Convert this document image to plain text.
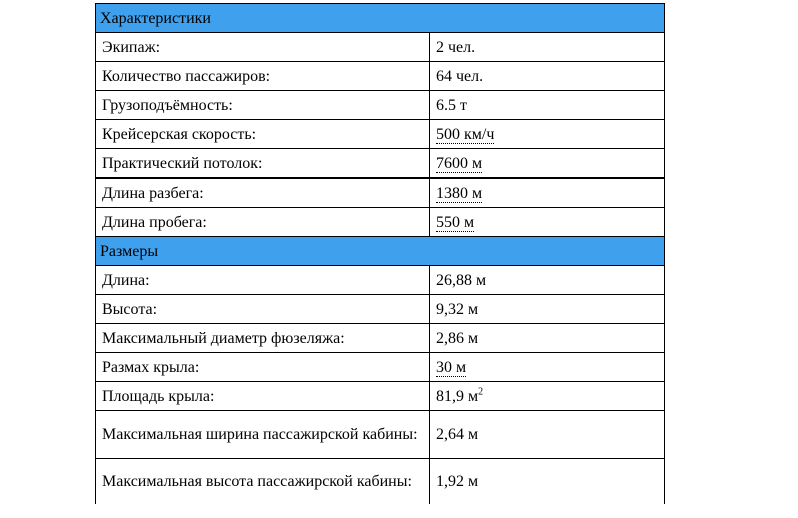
Характеристики	
Экипаж:	2 чел.
Количество пассажиров:	64 чел.
Грузоподъёмность:	6.5 т
Крейсерская скорость:	500 км/ч
Практический потолок:	7600 м
Длина разбега:	1380 м
Длина пробега:	550 м
Размеры	
Длина:	26,88 м
Высота:	9,32 м
Максимальный диаметр фюзеляжа:	2,86 м
Размах крыла:	30 м
Площадь крыла:	81,9 $м^2$
Максимальная ширина пассажирской кабины:	2,64 м
Максимальная высота пассажирской кабины:	1,92 м
